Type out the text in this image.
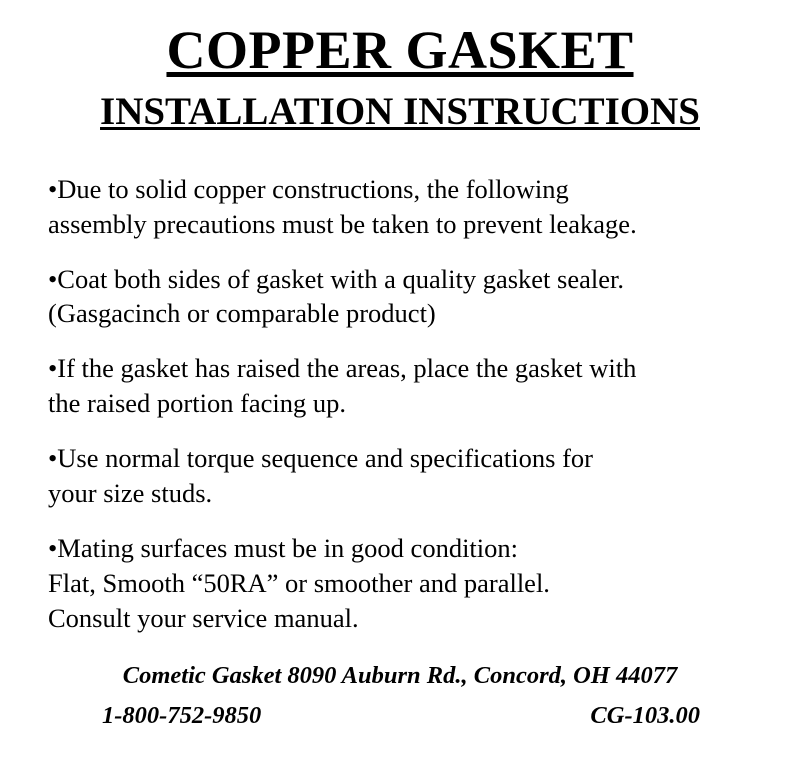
COPPER GASKET INSTALLATION INSTRUCTIONS
•Due to solid copper constructions, the following
assembly precautions must be taken to prevent leakage.
•Coat both sides of gasket with a quality gasket sealer.
(Gasgacinch or comparable product)
•If the gasket has raised the areas, place the gasket with
the raised portion facing up.
•Use normal torque sequence and specifications for
your size studs.
•Mating surfaces must be in good condition:
Flat, Smooth “50RA” or smoother and parallel.
Consult your service manual.
Cometic Gasket 8090 Auburn Rd., Concord, OH 44077
1-800-752-9850	CG-103.00
